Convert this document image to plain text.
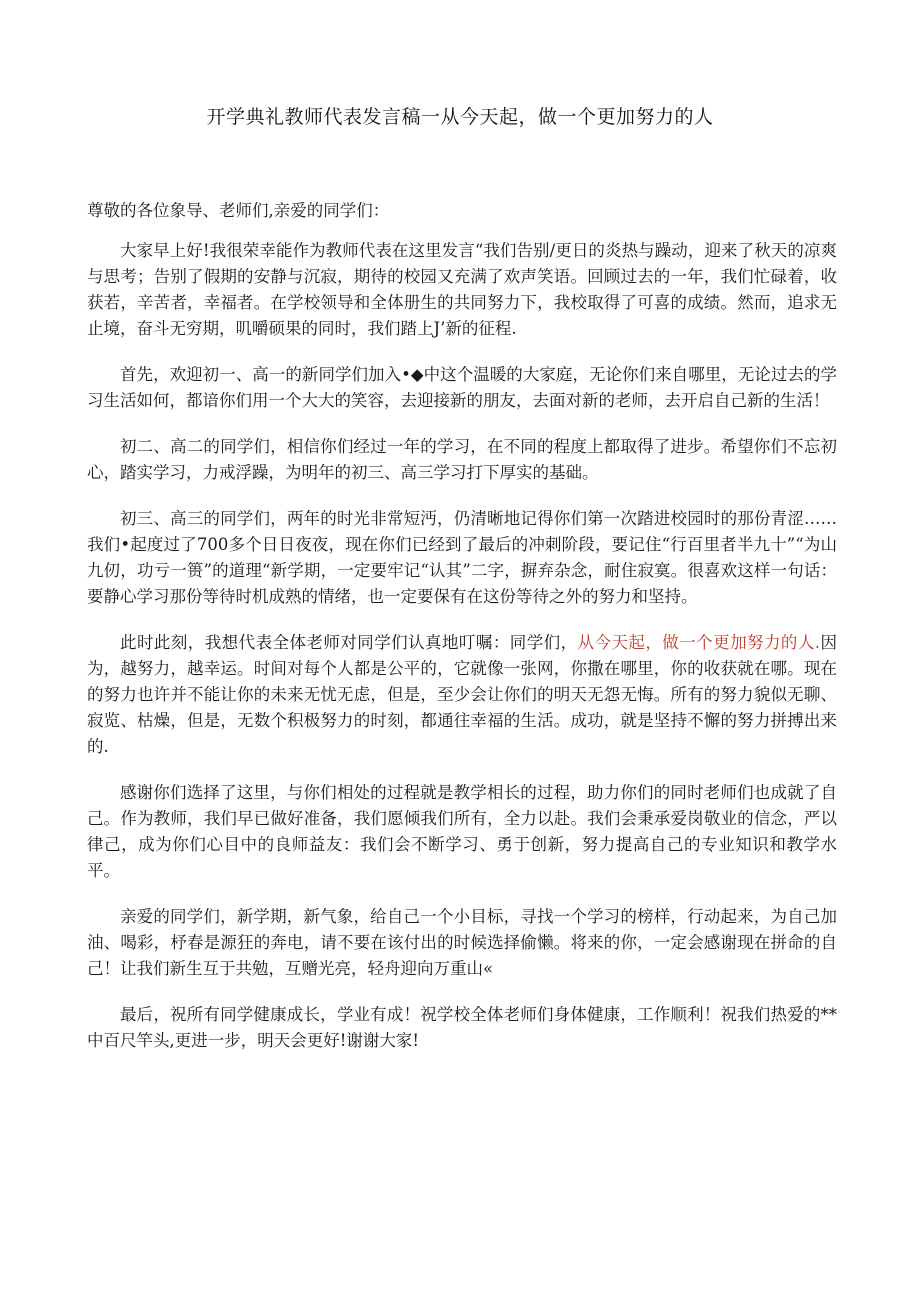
开学典礼教师代表发言稿一从今天起，做一个更加努力的人

尊敬的各位象导、老师们,亲爱的同学们：

大家早上好!我很荣幸能作为教师代表在这里发言“我们告别/更日的炎热与躁动，迎来了秋天的凉爽与思考；告别了假期的安静与沉寂，期待的校园又充满了欢声笑语。回顾过去的一年，我们忙碌着，收获若，辛苦者，幸福者。在学校领导和全体册生的共同努力下，我校取得了可喜的成绩。然而，追求无止境，奋斗无穷期，叽嚼硕果的同时，我们踏上J’新的征程.

首先，欢迎初一、高一的新同学们加入•◆中这个温暖的大家庭，无论你们来自哪里，无论过去的学习生活如何，都谙你们用一个大大的笑容，去迎接新的朋友，去面对新的老师，去开启自己新的生活！

初二、高二的同学们，相信你们经过一年的学习，在不同的程度上都取得了进步。希望你们不忘初心，踏实学习，力戒浮躁，为明年的初三、高三学习打下厚实的基础。

初三、高三的同学们，两年的时光非常短沔，仍清晰地记得你们第一次踏进校园时的那份青涩……我们•起度过了700多个日日夜夜，现在你们已经到了最后的冲刺阶段，要记住“行百里者半九十”“为山九仞，功亏一篑”的道理“新学期，一定要牢记“认其”二字，摒弃杂念，耐住寂寞。很喜欢这样一句话：要静心学习那份等待时机成熟的情绪，也一定要保有在这份等待之外的努力和坚持。

此时此刻，我想代表全体老师对同学们认真地叮嘱：同学们，从今天起，做一个更加努力的人.因为，越努力，越幸运。时间对每个人都是公平的，它就像一张网，你撒在哪里，你的收获就在哪。现在的努力也许并不能让你的未来无忧无虑，但是，至少会让你们的明天无怨无悔。所有的努力貌似无聊、寂览、枯燥，但是，无数个积极努力的时刻，都通往幸福的生活。成功，就是坚持不懈的努力拼搏出来的.

感谢你们选择了这里，与你们相处的过程就是教学相长的过程，助力你们的同时老师们也成就了自己。作为教师，我们早已做好准备，我们愿倾我们所有，全力以赴。我们会秉承爱岗敬业的信念，严以律己，成为你们心目中的良师益友：我们会不断学习、勇于创新，努力提高自己的专业知识和教学水平。

亲爱的同学们，新学期，新气象，给自己一个小目标，寻找一个学习的榜样，行动起来，为自己加油、喝彩，杼春是源狂的奔电，请不要在该付出的时候选择偷懒。将来的你，一定会感谢现在拼命的自己！让我们新生互于共勉，互赠光亮，轻舟迎向万重山«

最后，祝所有同学健康成长，学业有成！祝学校全体老师们身体健康，工作顺利！祝我们热爱的**中百尺竿头,更进一步，明天会更好!谢谢大家!
